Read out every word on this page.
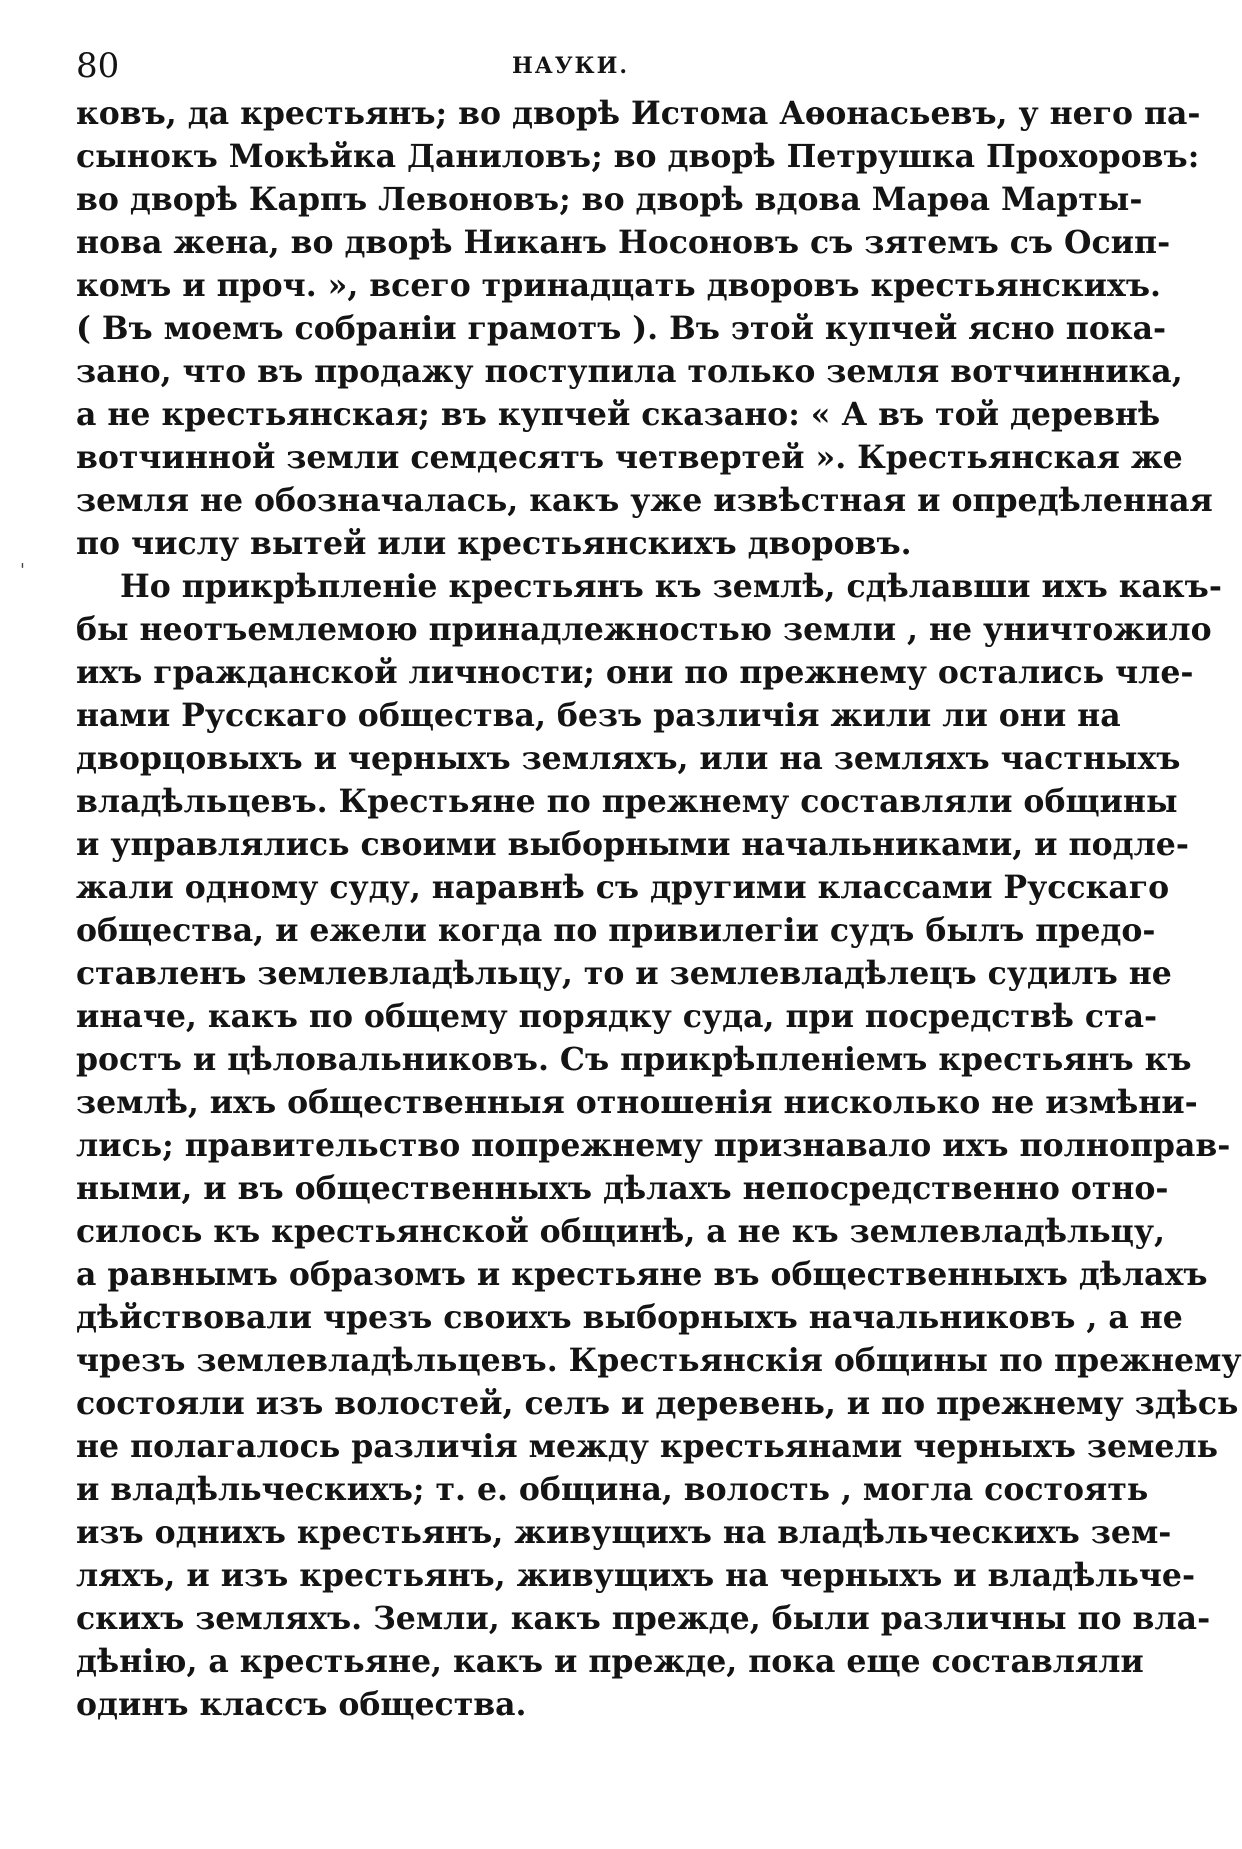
80	НАУКИ.
ковъ, да крестьянъ; во дворѣ Истома Аѳонасьевъ, у него па-
сынокъ Мокѣйка Даниловъ; во дворѣ Петрушка Прохоровъ:
во дворѣ Карпъ Левоновъ; во дворѣ вдова Марѳа Марты-
нова жена, во дворѣ Никанъ Носоновъ съ зятемъ съ Осип-
комъ и проч. », всего тринадцать дворовъ крестьянскихъ.
( Въ моемъ собраніи грамотъ ). Въ этой купчей ясно пока-
зано, что въ продажу поступила только земля вотчинника,
а не крестьянская; въ купчей сказано: « А въ той деревнѣ
вотчинной земли семдесятъ четвертей ». Крестьянская же
земля не обозначалась, какъ уже извѣстная и опредѣленная
по числу вытей или крестьянскихъ дворовъ.
Но прикрѣпленіе крестьянъ къ землѣ, сдѣлавши ихъ какъ-
бы неотъемлемою принадлежностью земли , не уничтожило
ихъ гражданской личности; они по прежнему остались чле-
нами Русскаго общества, безъ различія жили ли они на
дворцовыхъ и черныхъ земляхъ, или на земляхъ частныхъ
владѣльцевъ. Крестьяне по прежнему составляли общины
и управлялись своими выборными начальниками, и подле-
жали одному суду, наравнѣ съ другими классами Русскаго
общества, и ежели когда по привилегіи судъ былъ предо-
ставленъ землевладѣльцу, то и землевладѣлецъ судилъ не
иначе, какъ по общему порядку суда, при посредствѣ ста-
ростъ и цѣловальниковъ. Съ прикрѣпленіемъ крестьянъ къ
землѣ, ихъ общественныя отношенія нисколько не измѣни-
лись; правительство попрежнему признавало ихъ полноправ-
ными, и въ общественныхъ дѣлахъ непосредственно отно-
силось къ крестьянской общинѣ, а не къ землевладѣльцу,
а равнымъ образомъ и крестьяне въ общественныхъ дѣлахъ
дѣйствовали чрезъ своихъ выборныхъ начальниковъ , а не
чрезъ землевладѣльцевъ. Крестьянскія общины по прежнему
состояли изъ волостей, селъ и деревень, и по прежнему здѣсь
не полагалось различія между крестьянами черныхъ земель
и владѣльческихъ; т. е. община, волость , могла состоять
изъ однихъ крестьянъ, живущихъ на владѣльческихъ зем-
ляхъ, и изъ крестьянъ, живущихъ на черныхъ и владѣльче-
скихъ земляхъ. Земли, какъ прежде, были различны по вла-
дѣнію, а крестьяне, какъ и прежде, пока еще составляли
одинъ классъ общества.
'
